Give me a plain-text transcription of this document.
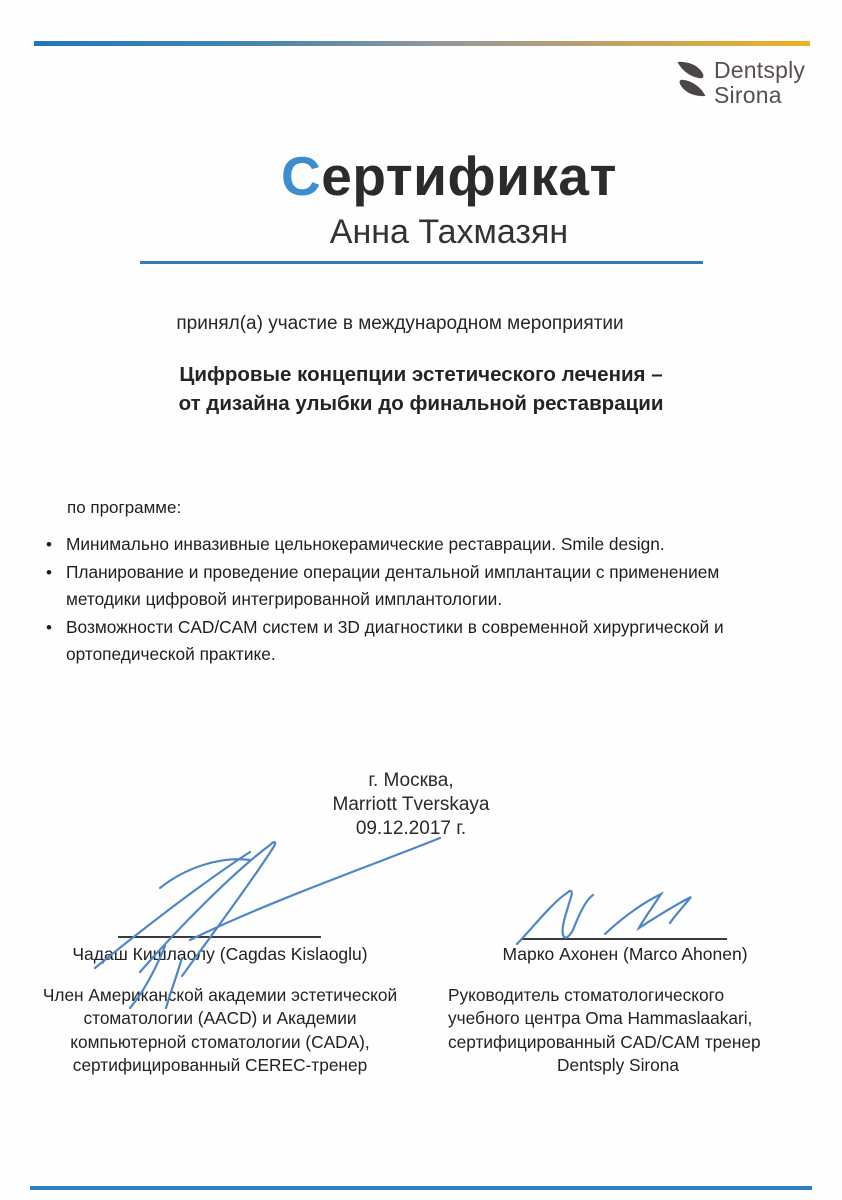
Dentsply
Sirona
Сертификат
Анна Тахмазян
принял(а) участие в международном мероприятии
Цифровые концепции эстетического лечения –
от дизайна улыбки до финальной реставрации
по программе:
• Минимально инвазивные цельнокерамические реставрации. Smile design.
• Планирование и проведение операции дентальной имплантации с применением методики цифровой интегрированной имплантологии.
• Возможности CAD/CAM систем и 3D диагностики в современной хирургической и ортопедической практике.
г. Москва,
Marriott Tverskaya
09.12.2017 г.
Чадаш Кишлаолу (Cagdas Kislaoglu)	Марко Ахонен (Marco Ahonen)
Член Американской академии эстетической
стоматологии (AACD) и Академии
компьютерной стоматологии (CADA),
сертифицированный CEREC-тренер
Руководитель стоматологического
учебного центра Oma Hammaslaakari,
сертифицированный CAD/CAM тренер
Dentsply Sirona
